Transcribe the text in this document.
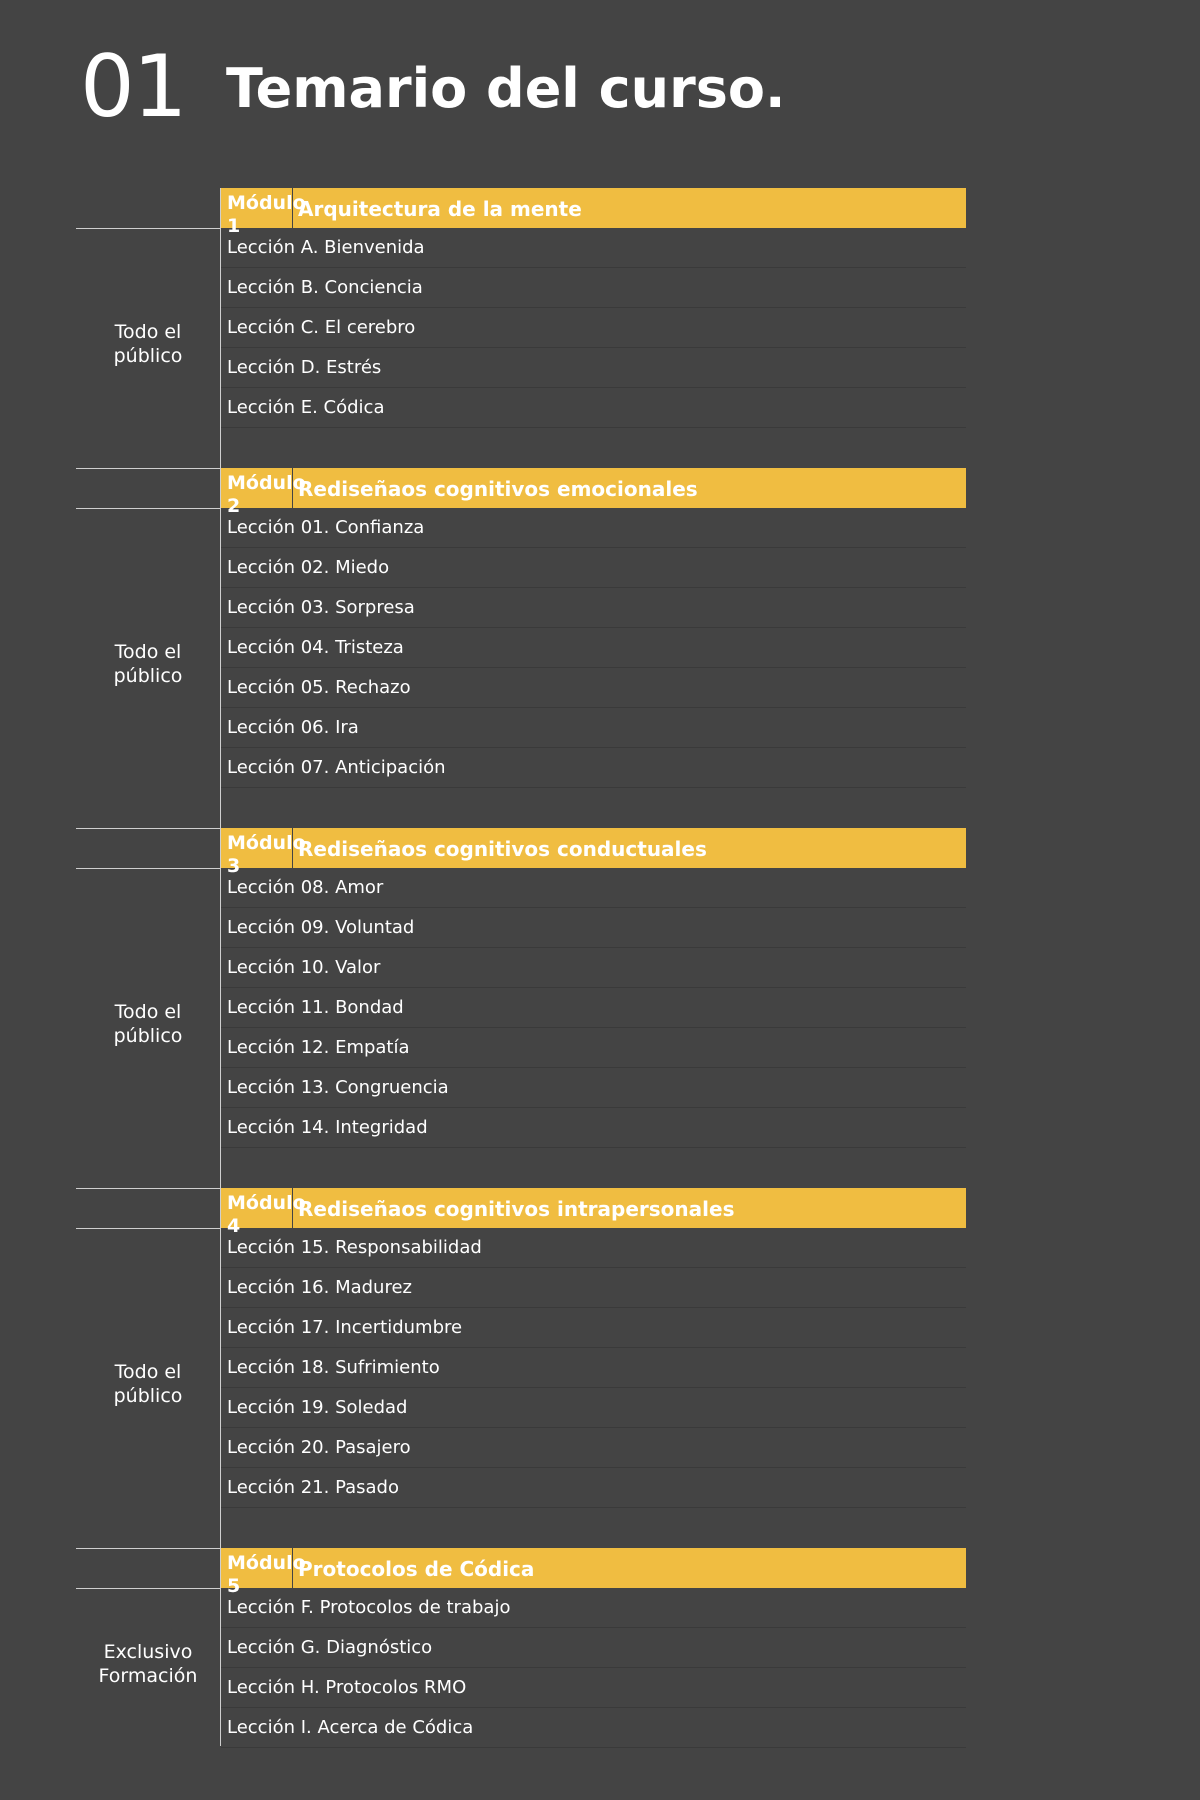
01 Temario del curso.
Módulo 1
Arquitectura de la mente
Todo el
público
Lección A. Bienvenida
Lección B. Conciencia
Lección C. El cerebro
Lección D. Estrés
Lección E. Códica
Módulo 2
Rediseñaos cognitivos emocionales
Todo el
público
Lección 01. Confianza
Lección 02. Miedo
Lección 03. Sorpresa
Lección 04. Tristeza
Lección 05. Rechazo
Lección 06. Ira
Lección 07. Anticipación
Módulo 3
Rediseñaos cognitivos conductuales
Todo el
público
Lección 08. Amor
Lección 09. Voluntad
Lección 10. Valor
Lección 11. Bondad
Lección 12. Empatía
Lección 13. Congruencia
Lección 14. Integridad
Módulo 4
Rediseñaos cognitivos intrapersonales
Todo el
público
Lección 15. Responsabilidad
Lección 16. Madurez
Lección 17. Incertidumbre
Lección 18. Sufrimiento
Lección 19. Soledad
Lección 20. Pasajero
Lección 21. Pasado
Módulo 5
Protocolos de Códica
Exclusivo
Formación
Lección F. Protocolos de trabajo
Lección G. Diagnóstico
Lección H. Protocolos RMO
Lección I. Acerca de Códica
